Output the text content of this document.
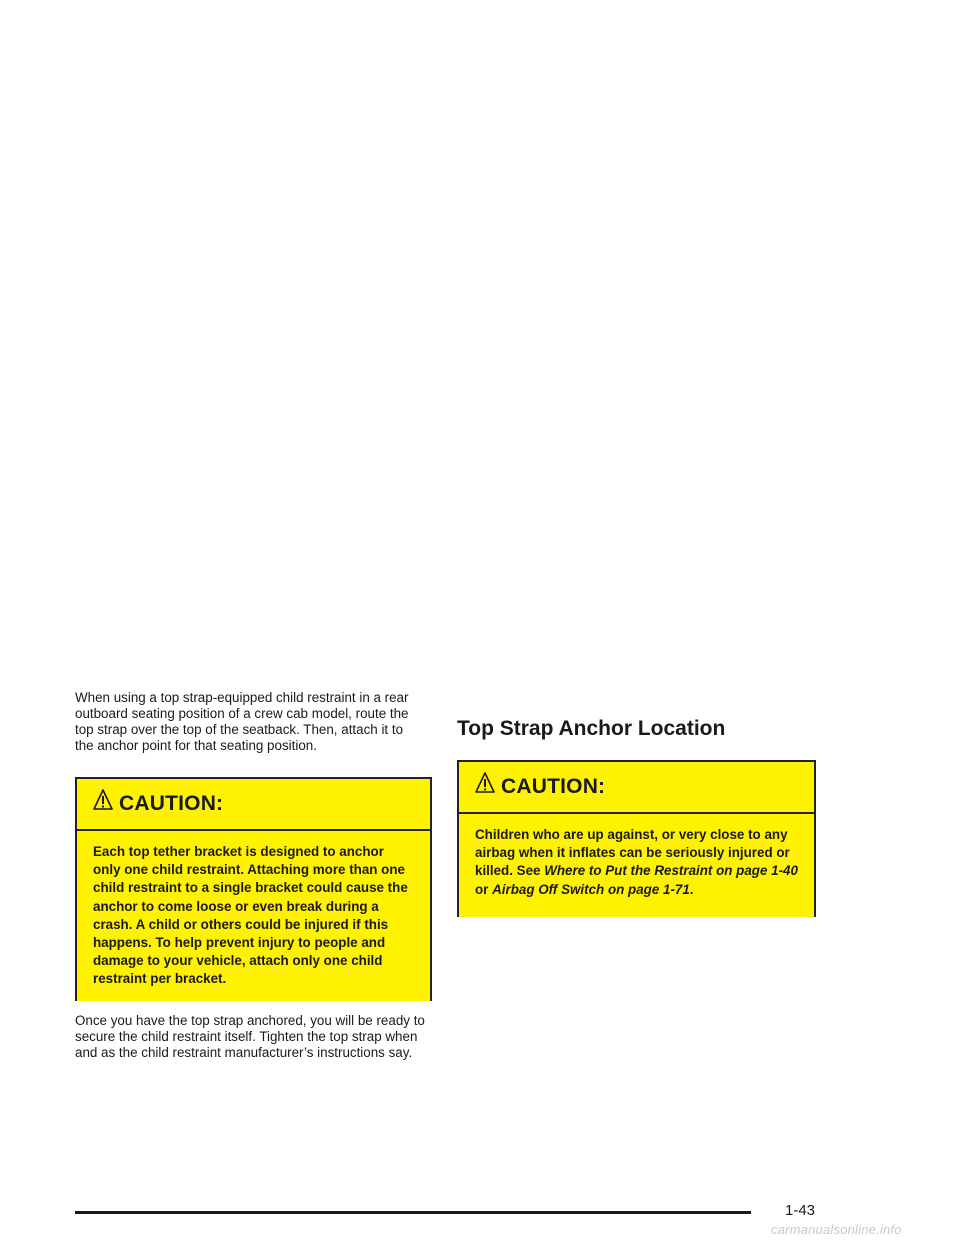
When using a top strap-equipped child restraint in a rear outboard seating position of a crew cab model, route the top strap over the top of the seatback. Then, attach it to the anchor point for that seating position.

CAUTION:
Each top tether bracket is designed to anchor only one child restraint. Attaching more than one child restraint to a single bracket could cause the anchor to come loose or even break during a crash. A child or others could be injured if this happens. To help prevent injury to people and damage to your vehicle, attach only one child restraint per bracket.

Once you have the top strap anchored, you will be ready to secure the child restraint itself. Tighten the top strap when and as the child restraint manufacturer’s instructions say.

Top Strap Anchor Location
CAUTION:
Children who are up against, or very close to any airbag when it inflates can be seriously injured or killed. See Where to Put the Restraint on page 1-40 or Airbag Off Switch on page 1-71.
1-43
carmanualsonline.info
